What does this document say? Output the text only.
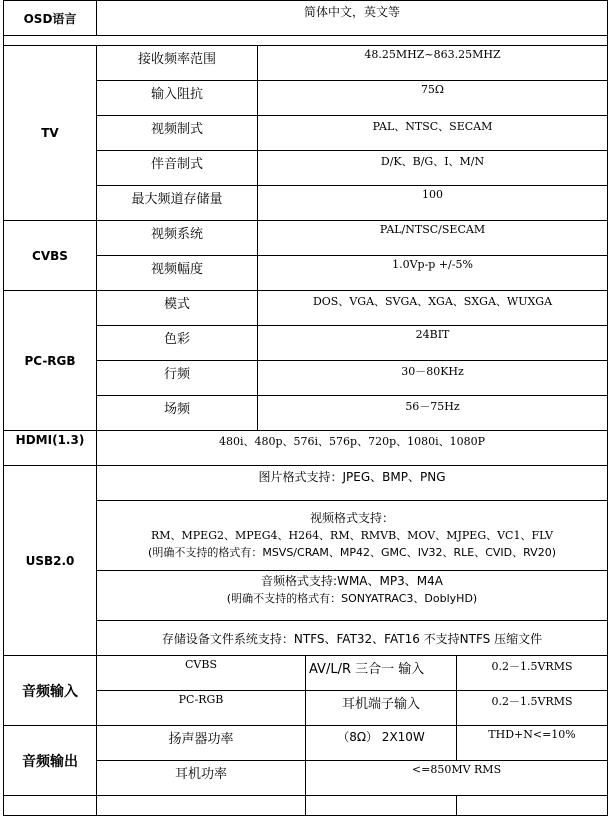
OSD语言	简体中文，英文等			

TV	接收频率范围	48.25MHZ~863.25MHZ		
	输入阻抗	75Ω		
	视频制式	PAL、NTSC、SECAM		
	伴音制式	D/K、B/G、I、M/N		
	最大频道存储量	100		
CVBS	视频系统	PAL/NTSC/SECAM		
	视频幅度	1.0Vp-p +/-5%		
PC-RGB	模式	DOS、VGA、SVGA、XGA、SXGA、WUXGA		
	色彩	24BIT		
	行频	30－80KHz		
	场频	56－75Hz		
HDMI(1.3)	480i、480p、576i、576p、720p、1080i、1080P			
USB2.0	图片格式支持：JPEG、BMP、PNG			

	视频格式支持：
RM、MPEG2、MPEG4、H264、RM、RMVB、MOV、MJPEG、VC1、FLV
(明确不支持的格式有：MSVS/CRAM、MP42、GMC、IV32、RLE、CVID、RV20)			

	音频格式支持:WMA、MP3、M4A
(明确不支持的格式有：SONYATRAC3、DoblyHD)			

	存储设备文件系统支持：NTFS、FAT32、FAT16 不支持NTFS 压缩文件			
音频输入	CVBS		AV/L/R 三合一 输入	0.2－1.5VRMS
	PC-RGB		耳机端子输入	0.2－1.5VRMS
音频输出	扬声器功率		（8Ω） 2X10W	THD+N<=10%
	耳机功率		<=850MV RMS	
